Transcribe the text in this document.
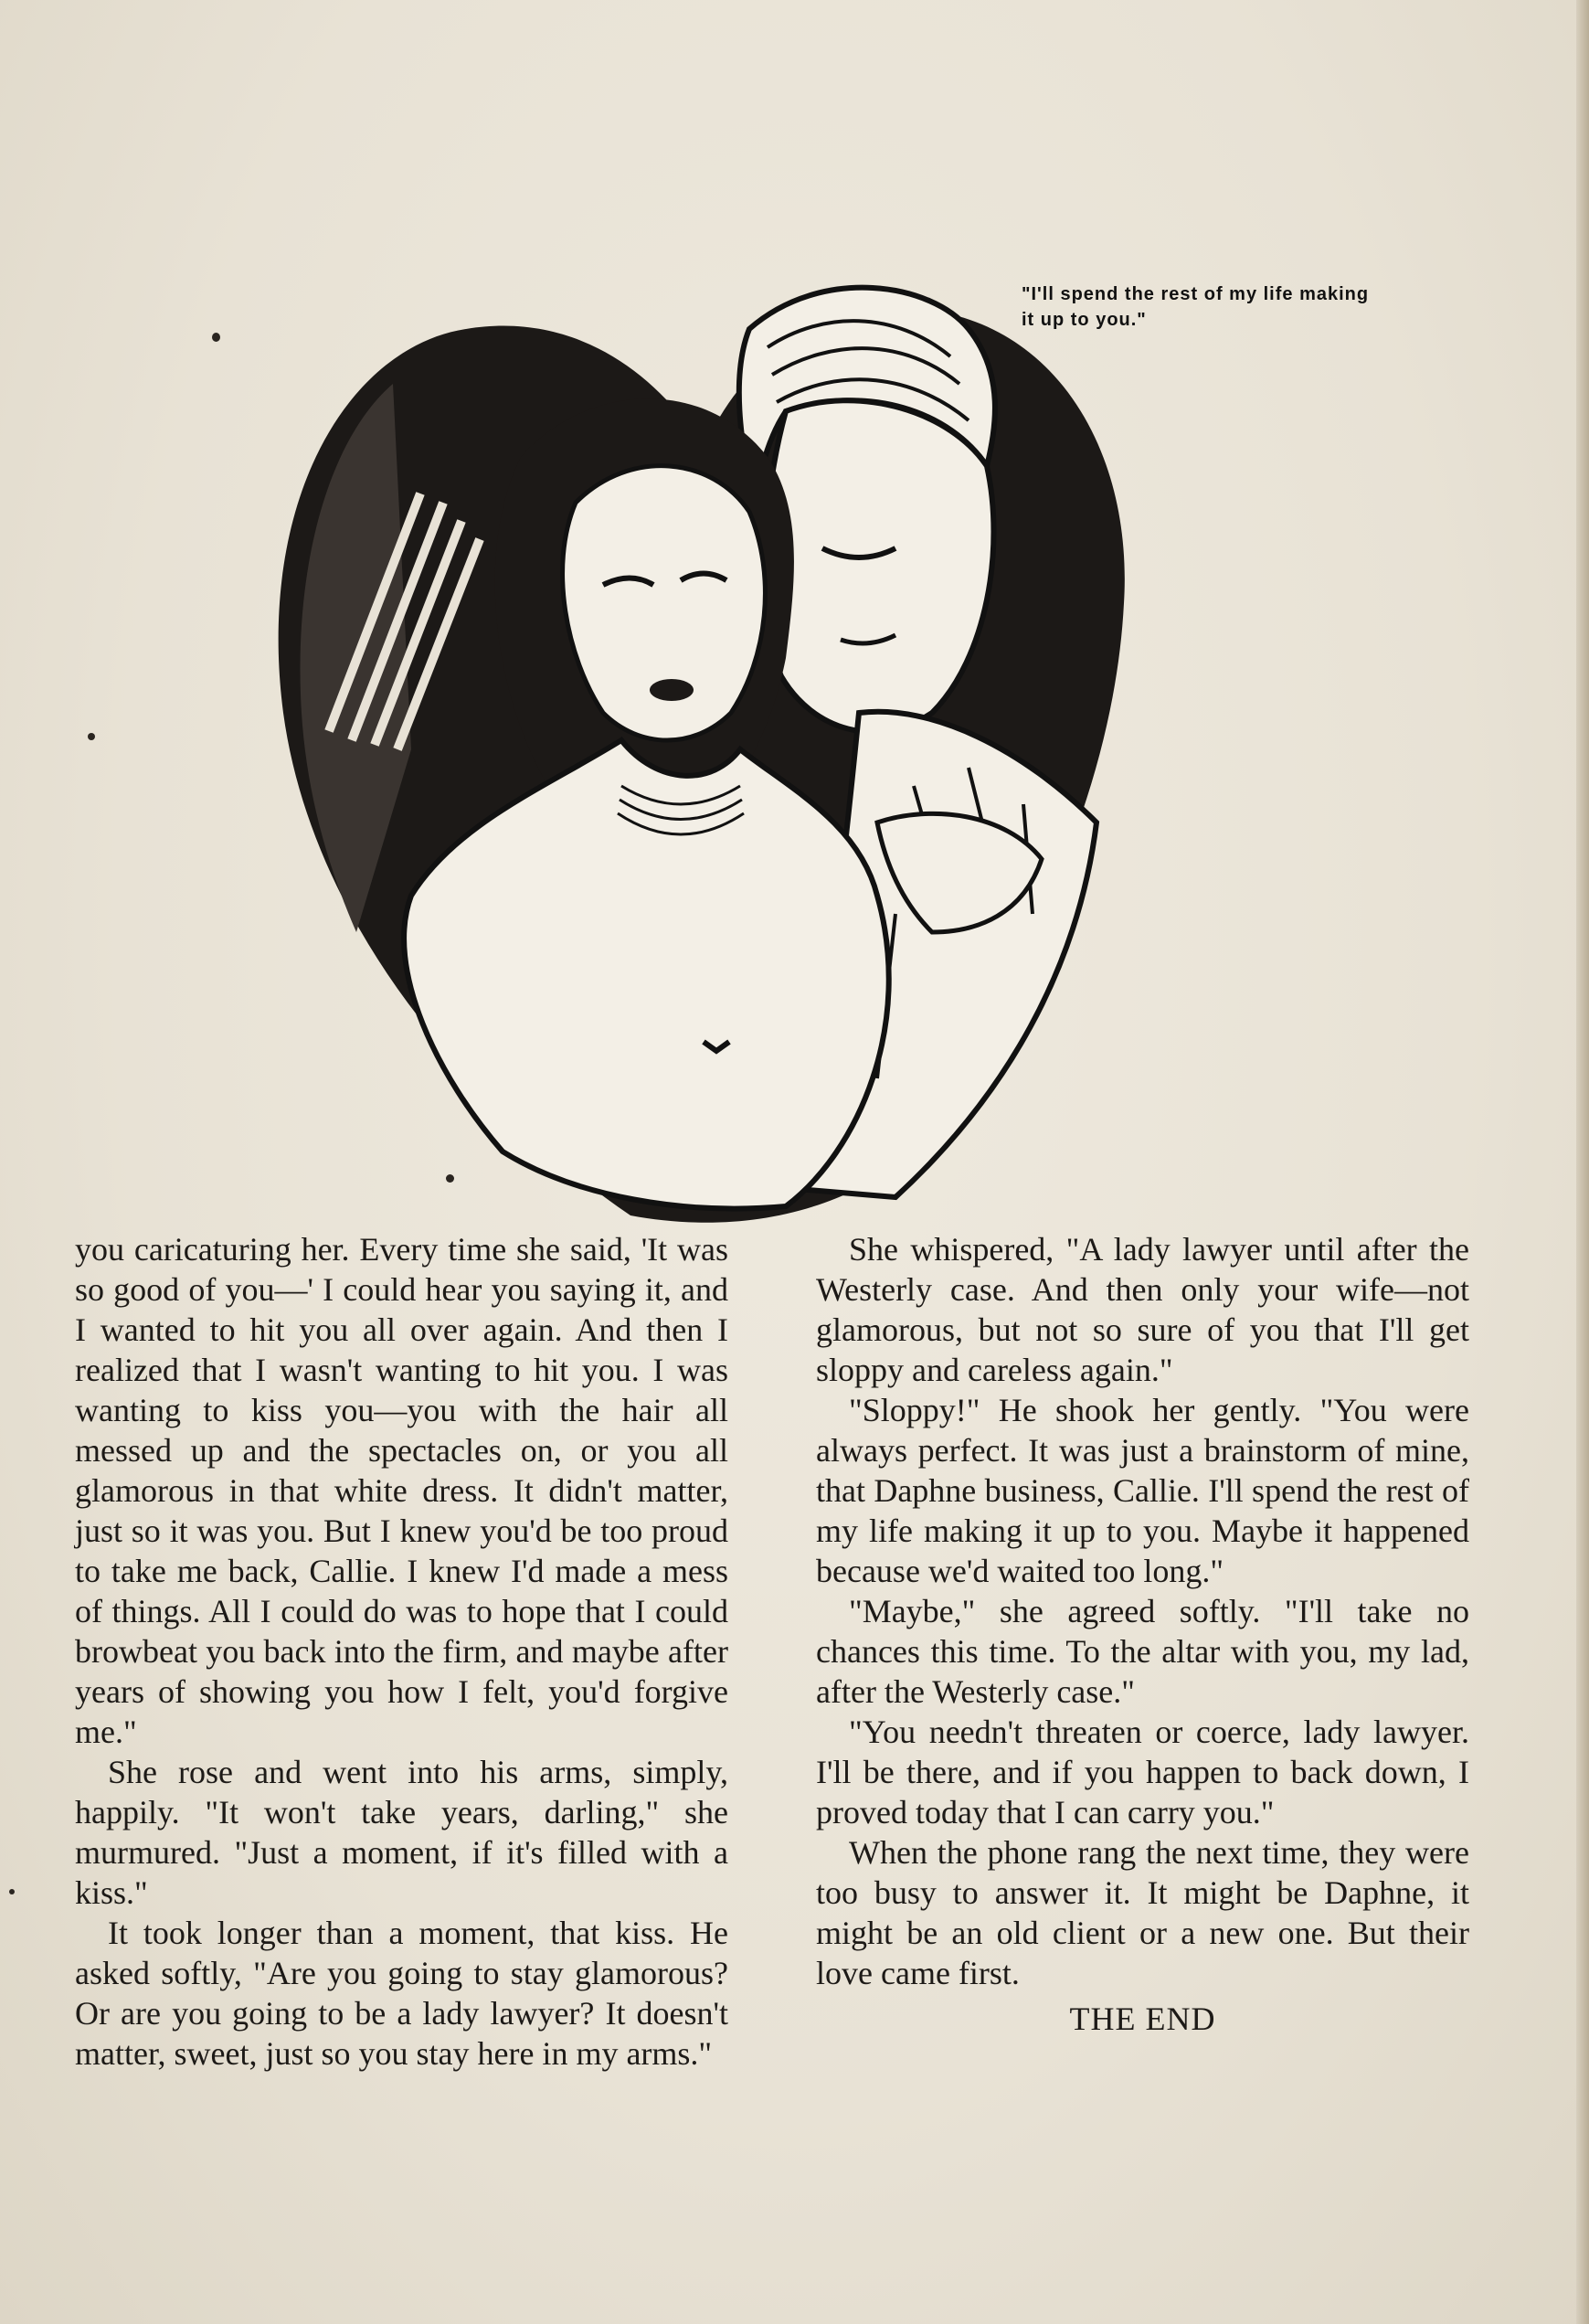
"I'll spend the rest of my life making
it up to you."

you caricaturing her. Every time she said, 'It was so good of you—' I could hear you saying it, and I wanted to hit you all over again. And then I realized that I wasn't wanting to hit you. I was wanting to kiss you—you with the hair all messed up and the spectacles on, or you all glamorous in that white dress. It didn't matter, just so it was you. But I knew you'd be too proud to take me back, Callie. I knew I'd made a mess of things. All I could do was to hope that I could browbeat you back into the firm, and maybe after years of showing you how I felt, you'd forgive me."

She rose and went into his arms, simply, happily. "It won't take years, darling," she murmured. "Just a moment, if it's filled with a kiss."

It took longer than a moment, that kiss. He asked softly, "Are you going to stay glamorous? Or are you going to be a lady lawyer? It doesn't matter, sweet, just so you stay here in my arms."

She whispered, "A lady lawyer until after the Westerly case. And then only your wife—not glamorous, but not so sure of you that I'll get sloppy and careless again."

"Sloppy!" He shook her gently. "You were always perfect. It was just a brainstorm of mine, that Daphne business, Callie. I'll spend the rest of my life making it up to you. Maybe it happened because we'd waited too long."

"Maybe," she agreed softly. "I'll take no chances this time. To the altar with you, my lad, after the Westerly case."

"You needn't threaten or coerce, lady lawyer. I'll be there, and if you happen to back down, I proved today that I can carry you."

When the phone rang the next time, they were too busy to answer it. It might be Daphne, it might be an old client or a new one. But their love came first.

THE END
